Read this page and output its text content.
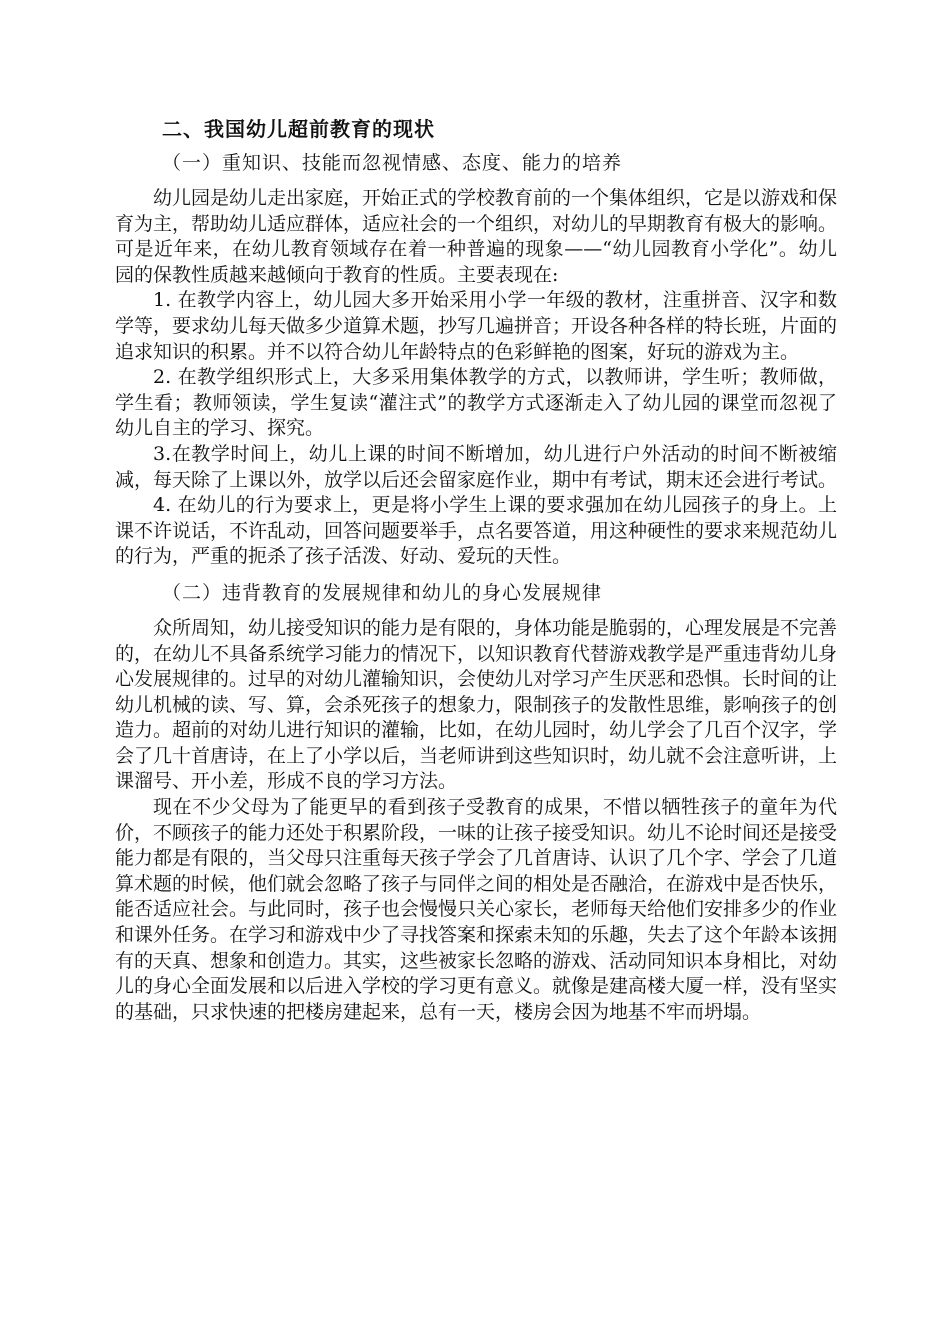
二、我国幼儿超前教育的现状
（一）重知识、技能而忽视情感、态度、能力的培养

幼儿园是幼儿走出家庭，开始正式的学校教育前的一个集体组织，它是以游戏和保育为主，帮助幼儿适应群体，适应社会的一个组织，对幼儿的早期教育有极大的影响。可是近年来，在幼儿教育领域存在着一种普遍的现象——“幼儿园教育小学化”。幼儿园的保教性质越来越倾向于教育的性质。主要表现在:

1. 在教学内容上，幼儿园大多开始采用小学一年级的教材，注重拼音、汉字和数学等，要求幼儿每天做多少道算术题，抄写几遍拼音；开设各种各样的特长班，片面的追求知识的积累。并不以符合幼儿年龄特点的色彩鲜艳的图案，好玩的游戏为主。

2. 在教学组织形式上，大多采用集体教学的方式，以教师讲，学生听；教师做，学生看；教师领读，学生复读“灌注式”的教学方式逐渐走入了幼儿园的课堂而忽视了幼儿自主的学习、探究。

3.在教学时间上，幼儿上课的时间不断增加，幼儿进行户外活动的时间不断被缩减，每天除了上课以外，放学以后还会留家庭作业，期中有考试，期末还会进行考试。

4. 在幼儿的行为要求上，更是将小学生上课的要求强加在幼儿园孩子的身上。上课不许说话，不许乱动，回答问题要举手，点名要答道，用这种硬性的要求来规范幼儿的行为，严重的扼杀了孩子活泼、好动、爱玩的天性。

（二）违背教育的发展规律和幼儿的身心发展规律

众所周知，幼儿接受知识的能力是有限的，身体功能是脆弱的，心理发展是不完善的，在幼儿不具备系统学习能力的情况下，以知识教育代替游戏教学是严重违背幼儿身心发展规律的。过早的对幼儿灌输知识，会使幼儿对学习产生厌恶和恐惧。长时间的让幼儿机械的读、写、算，会杀死孩子的想象力，限制孩子的发散性思维，影响孩子的创造力。超前的对幼儿进行知识的灌输，比如，在幼儿园时，幼儿学会了几百个汉字，学会了几十首唐诗，在上了小学以后，当老师讲到这些知识时，幼儿就不会注意听讲，上课溜号、开小差，形成不良的学习方法。

现在不少父母为了能更早的看到孩子受教育的成果，不惜以牺牲孩子的童年为代价，不顾孩子的能力还处于积累阶段，一味的让孩子接受知识。幼儿不论时间还是接受能力都是有限的，当父母只注重每天孩子学会了几首唐诗、认识了几个字、学会了几道算术题的时候，他们就会忽略了孩子与同伴之间的相处是否融洽，在游戏中是否快乐，能否适应社会。与此同时，孩子也会慢慢只关心家长，老师每天给他们安排多少的作业和课外任务。在学习和游戏中少了寻找答案和探索未知的乐趣，失去了这个年龄本该拥有的天真、想象和创造力。其实，这些被家长忽略的游戏、活动同知识本身相比，对幼儿的身心全面发展和以后进入学校的学习更有意义。就像是建高楼大厦一样，没有坚实的基础，只求快速的把楼房建起来，总有一天，楼房会因为地基不牢而坍塌。
